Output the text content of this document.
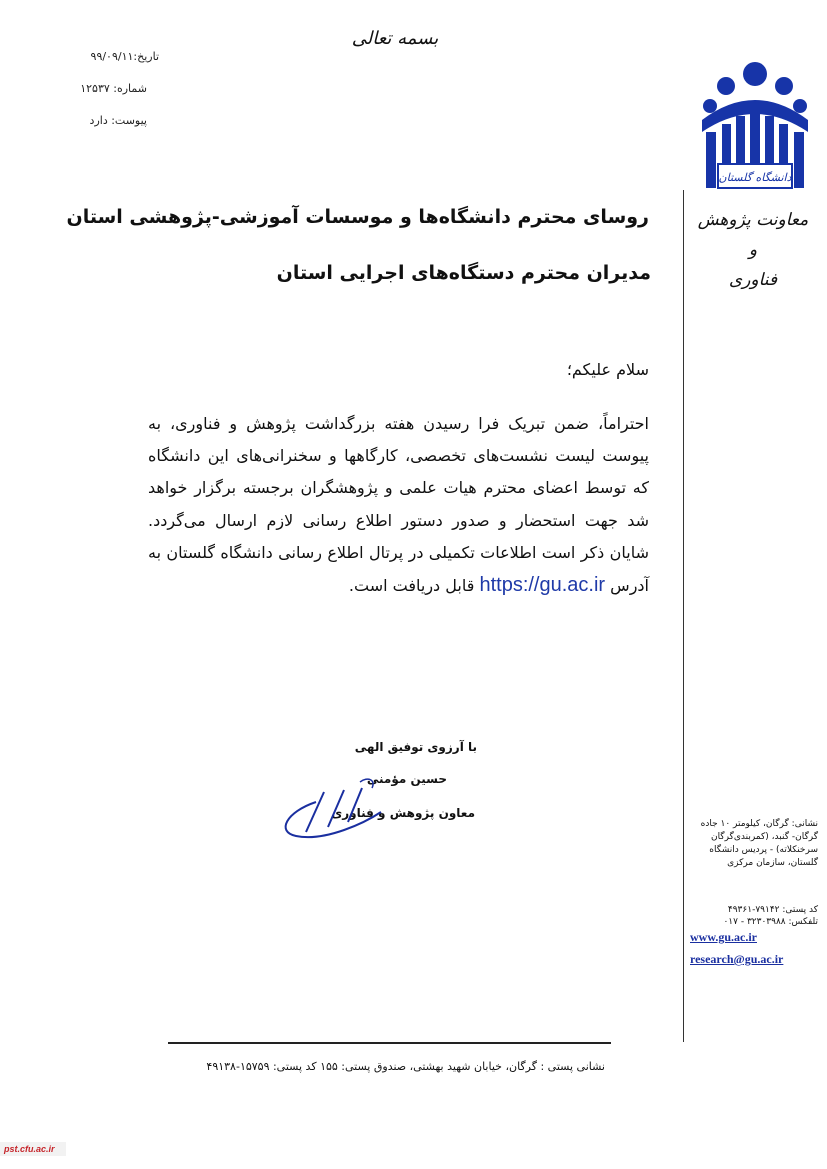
بسمه تعالی
تاریخ:۹۹/۰۹/۱۱
شماره: ۱۲۵۳۷
پیوست: دارد
دانشگاه گلستان
معاونت پژوهش و
فناوری
روسای محترم دانشگاه‌ها و موسسات آموزشی-پژوهشی استان
مدیران محترم دستگاه‌های اجرایی استان
سلام علیکم؛
احتراماً، ضمن تبریک فرا رسیدن هفته بزرگداشت پژوهش و فناوری، به پیوست لیست نشست‌های تخصصی، کارگاهها و سخنرانی‌های این دانشگاه که توسط اعضای محترم هیات علمی و پژوهشگران برجسته برگزار خواهد شد جهت استحضار و صدور دستور اطلاع رسانی لازم ارسال می‌گردد. شایان ذکر است اطلاعات تکمیلی در پرتال اطلاع رسانی دانشگاه گلستان به آدرس https://gu.ac.ir قابل دریافت است.
با آرزوی توفیق الهی
حسین مؤمنی
معاون پژوهش و فناوری
نشانی: گرگان، کیلومتر ۱۰ جاده گرگان- گنبد، (کمربندی‌گرگان سرخنکلاته) - پردیس دانشگاه گلستان، سازمان مرکزی
کد پستی: ۷۹۱۴۲-۴۹۳۶۱
تلفکس: ۳۲۳۰۳۹۸۸ - ۰۱۷
www.gu.ac.ir
research@gu.ac.ir
نشانی پستی : گرگان، خیابان شهید بهشتی، صندوق پستی: ۱۵۵ کد پستی: ۱۵۷۵۹-۴۹۱۳۸
pst.cfu.ac.ir
